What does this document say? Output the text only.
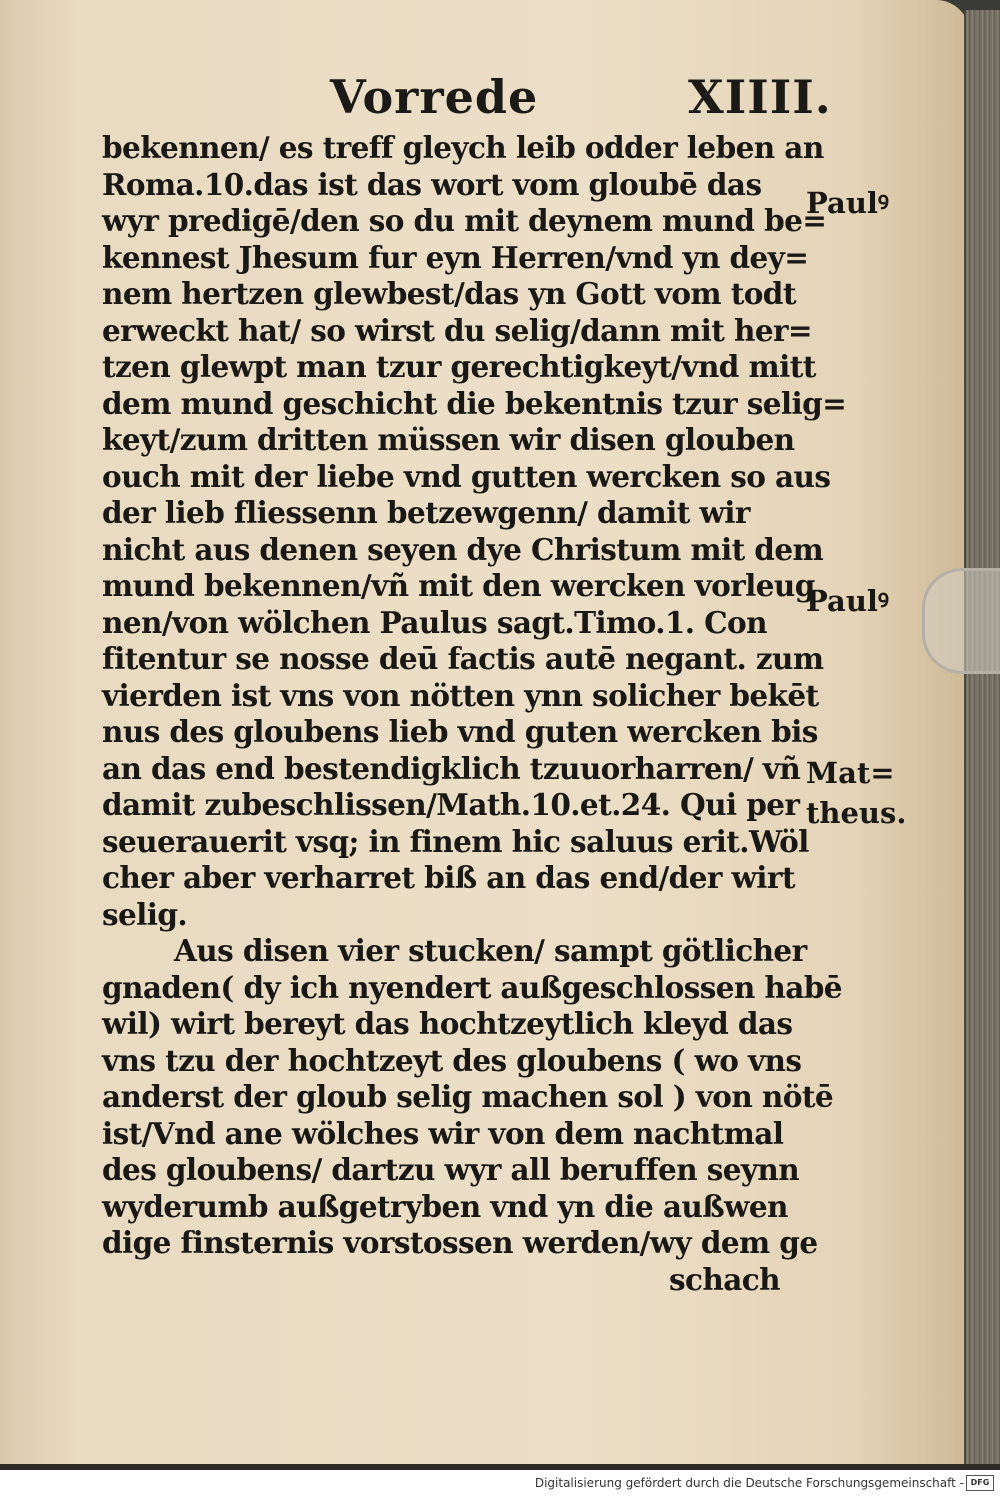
Vorrede	XIIII.
bekennen/ es treff gleych leib odder leben an
Roma.10.das ist das wort vom gloubē das
wyr predigē/den so du mit deynem mund be=
kennest Jhesum fur eyn Herren/vnd yn dey=
nem hertzen glewbest/das yn Gott vom todt
erweckt hat/ so wirst du selig/dann mit her=
tzen glewpt man tzur gerechtigkeyt/vnd mitt
dem mund geschicht die bekentnis tzur selig=
keyt/zum dritten müssen wir disen glouben
ouch mit der liebe vnd gutten wercken so aus
der lieb fliessenn betzewgenn/ damit wir
nicht aus denen seyen dye Christum mit dem
mund bekennen/vñ mit den wercken vorleug
nen/von wölchen Paulus sagt.Timo.1. Con
fitentur se nosse deū factis autē negant. zum
vierden ist vns von nötten ynn solicher bekēt
nus des gloubens lieb vnd guten wercken bis
an das end bestendigklich tzuuorharren/ vñ
damit zubeschlissen/Math.10.et.24. Qui per
seuerauerit vsq; in finem hic saluus erit.Wöl
cher aber verharret biß an das end/der wirt
selig.
Aus disen vier stucken/ sampt götlicher
gnaden( dy ich nyendert außgeschlossen habē
wil) wirt bereyt das hochtzeytlich kleyd das
vns tzu der hochtzeyt des gloubens ( wo vns
anderst der gloub selig machen sol ) von nötē
ist/Vnd ane wölches wir von dem nachtmal
des gloubens/ dartzu wyr all beruffen seynn
wyderumb außgetryben vnd yn die außwen
dige finsternis vorstossen werden/wy dem ge
schach
Paulꝰ
Paulꝰ
Mat=
theus.
Digitalisierung gefördert durch die Deutsche Forschungsgemeinschaft - DFG
